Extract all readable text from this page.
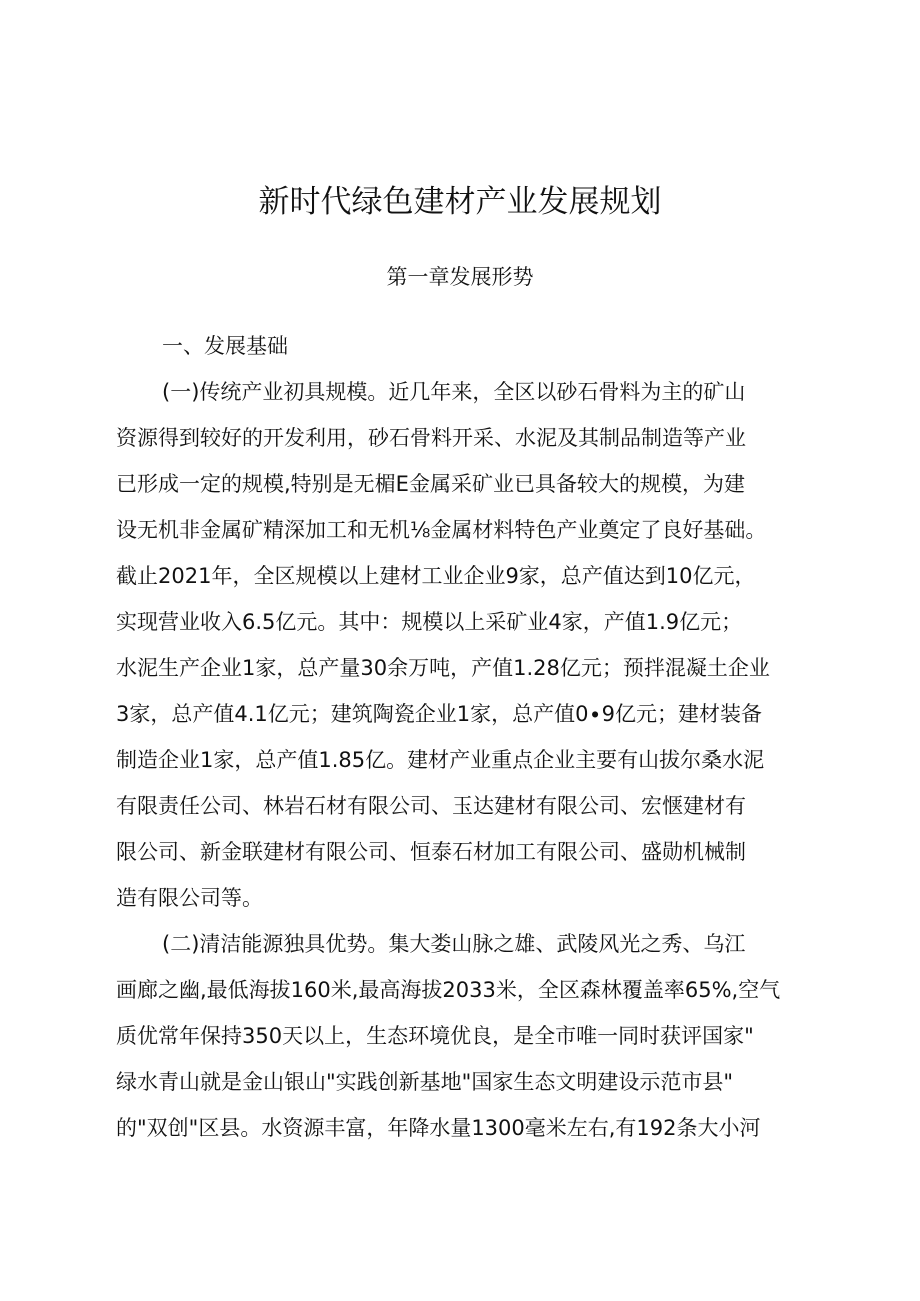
新时代绿色建材产业发展规划
第一章发展形势
一、发展基础
(一)传统产业初具规模。近几年来，全区以砂石骨料为主的矿山
资源得到较好的开发利用，砂石骨料开采、水泥及其制品制造等产业
已形成一定的规模,特别是无楣E金属采矿业已具备较大的规模，为建
设无机非金属矿精深加工和无机⅛金属材料特色产业奠定了良好基础。
截止2021年，全区规模以上建材工业企业9家，总产值达到10亿元，
实现营业收入6.5亿元。其中：规模以上采矿业4家，产值1.9亿元；
水泥生产企业1家，总产量30余万吨，产值1.28亿元；预拌混凝土企业
3家，总产值4.1亿元；建筑陶瓷企业1家，总产值0∙9亿元；建材装备
制造企业1家，总产值1.85亿。建材产业重点企业主要有山拔尔桑水泥
有限责任公司、林岩石材有限公司、玉达建材有限公司、宏惬建材有
限公司、新金联建材有限公司、恒泰石材加工有限公司、盛勋机械制
造有限公司等。
(二)清洁能源独具优势。集大娄山脉之雄、武陵风光之秀、乌江
画廊之幽,最低海拔160米,最高海拔2033米，全区森林覆盖率65%,空气
质优常年保持350天以上，生态环境优良，是全市唯一同时获评国家"
绿水青山就是金山银山"实践创新基地"国家生态文明建设示范市县"
的"双创"区县。水资源丰富，年降水量1300毫米左右,有192条大小河
